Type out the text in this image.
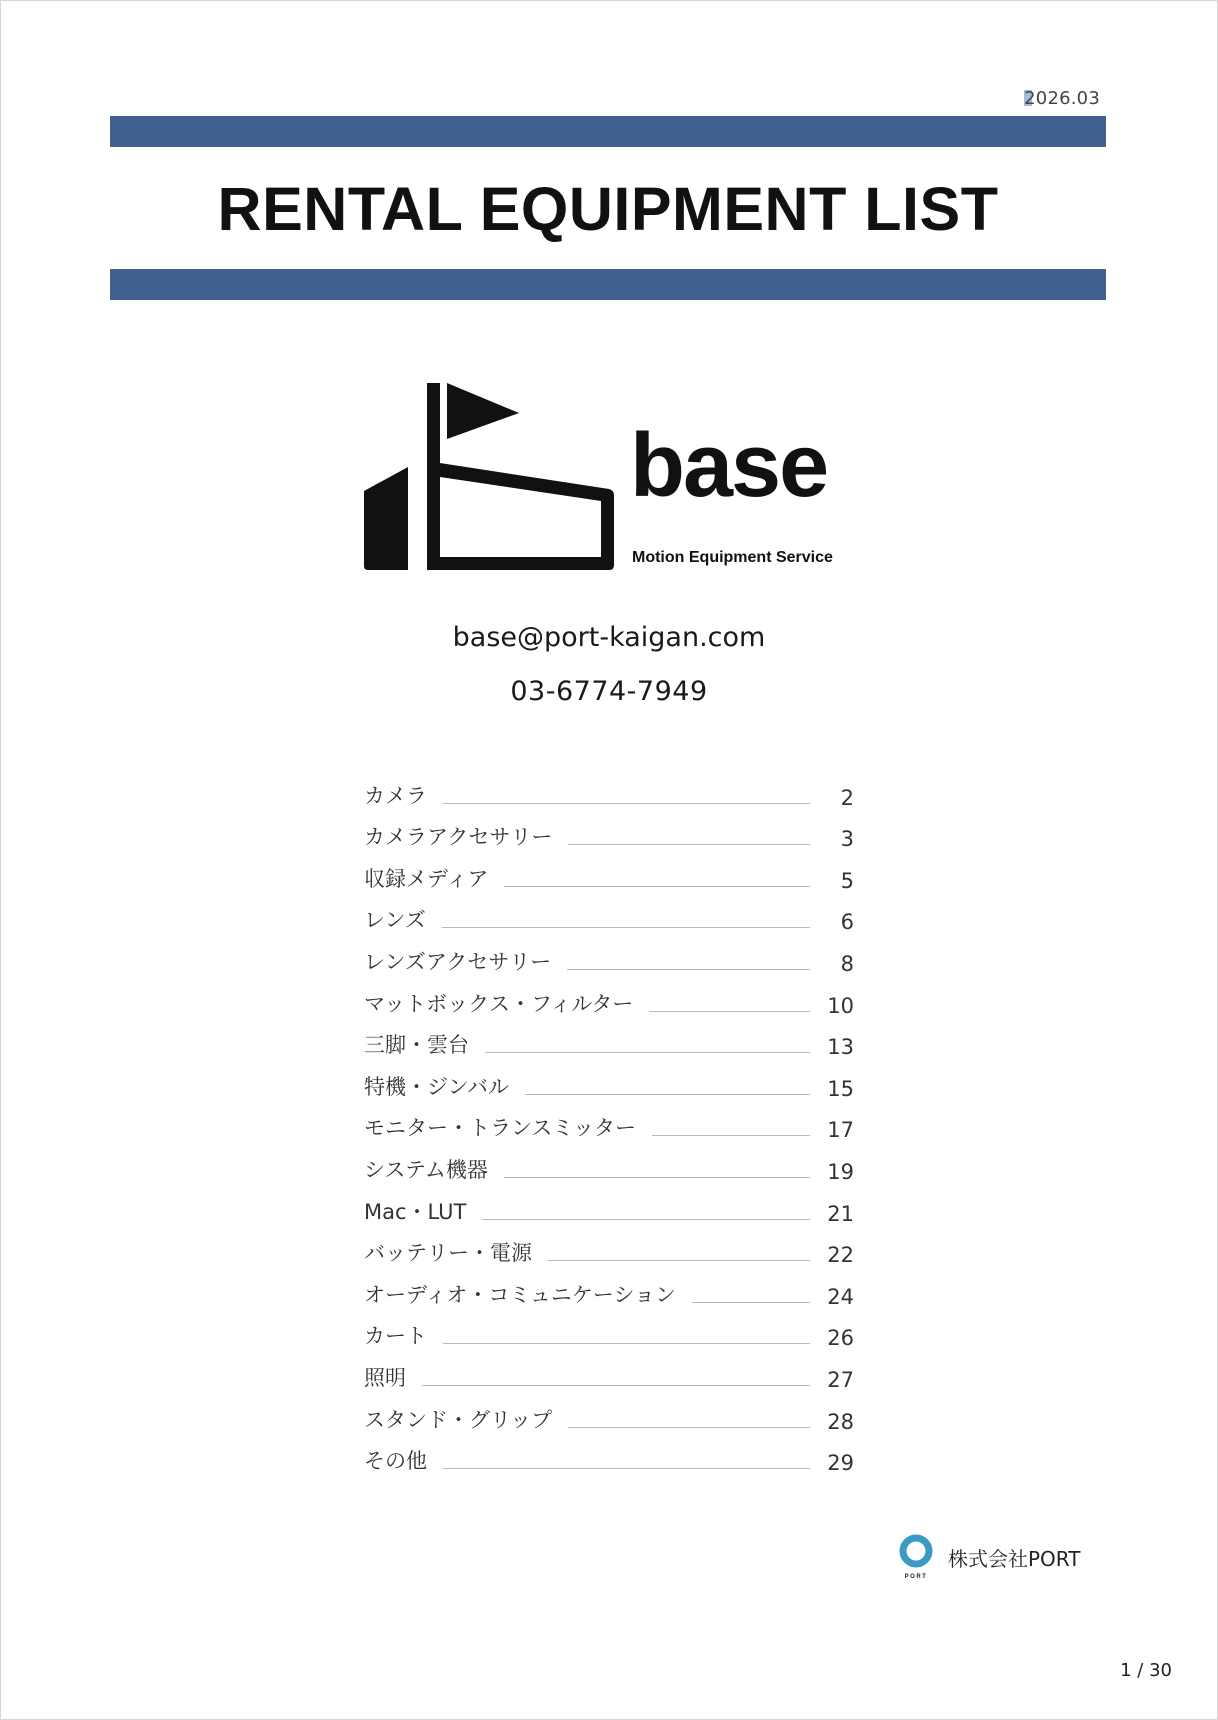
2026.03
RENTAL EQUIPMENT LIST
base
Motion Equipment Service
base@port-kaigan.com
03-6774-7949
カメラ	2
カメラアクセサリー	3
収録メディア	5
レンズ	6
レンズアクセサリー	8
マットボックス・フィルター	10
三脚・雲台	13
特機・ジンバル	15
モニター・トランスミッター	17
システム機器	19
Mac・LUT	21
バッテリー・電源	22
オーディオ・コミュニケーション	24
カート	26
照明	27
スタンド・グリップ	28
その他	29
PORT
株式会社PORT
1 / 30
